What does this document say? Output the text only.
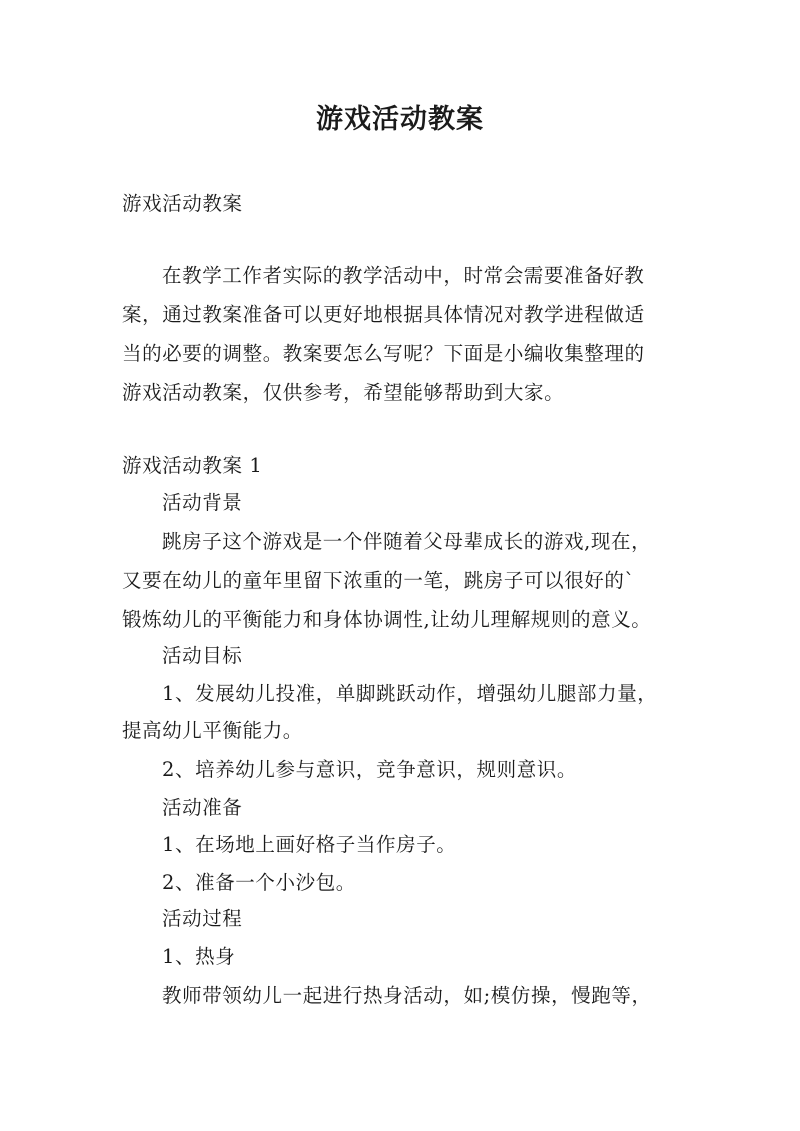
游戏活动教案
游戏活动教案
在教学工作者实际的教学活动中，时常会需要准备好教
案，通过教案准备可以更好地根据具体情况对教学进程做适
当的必要的调整。教案要怎么写呢？下面是小编收集整理的
游戏活动教案，仅供参考，希望能够帮助到大家。
游戏活动教案 1
活动背景
跳房子这个游戏是一个伴随着父母辈成长的游戏,现在，
又要在幼儿的童年里留下浓重的一笔，跳房子可以很好的`
锻炼幼儿的平衡能力和身体协调性,让幼儿理解规则的意义。
活动目标
1、发展幼儿投准，单脚跳跃动作，增强幼儿腿部力量，
提高幼儿平衡能力。
2、培养幼儿参与意识，竞争意识，规则意识。
活动准备
1、在场地上画好格子当作房子。
2、准备一个小沙包。
活动过程
1、热身
教师带领幼儿一起进行热身活动，如;模仿操，慢跑等，
